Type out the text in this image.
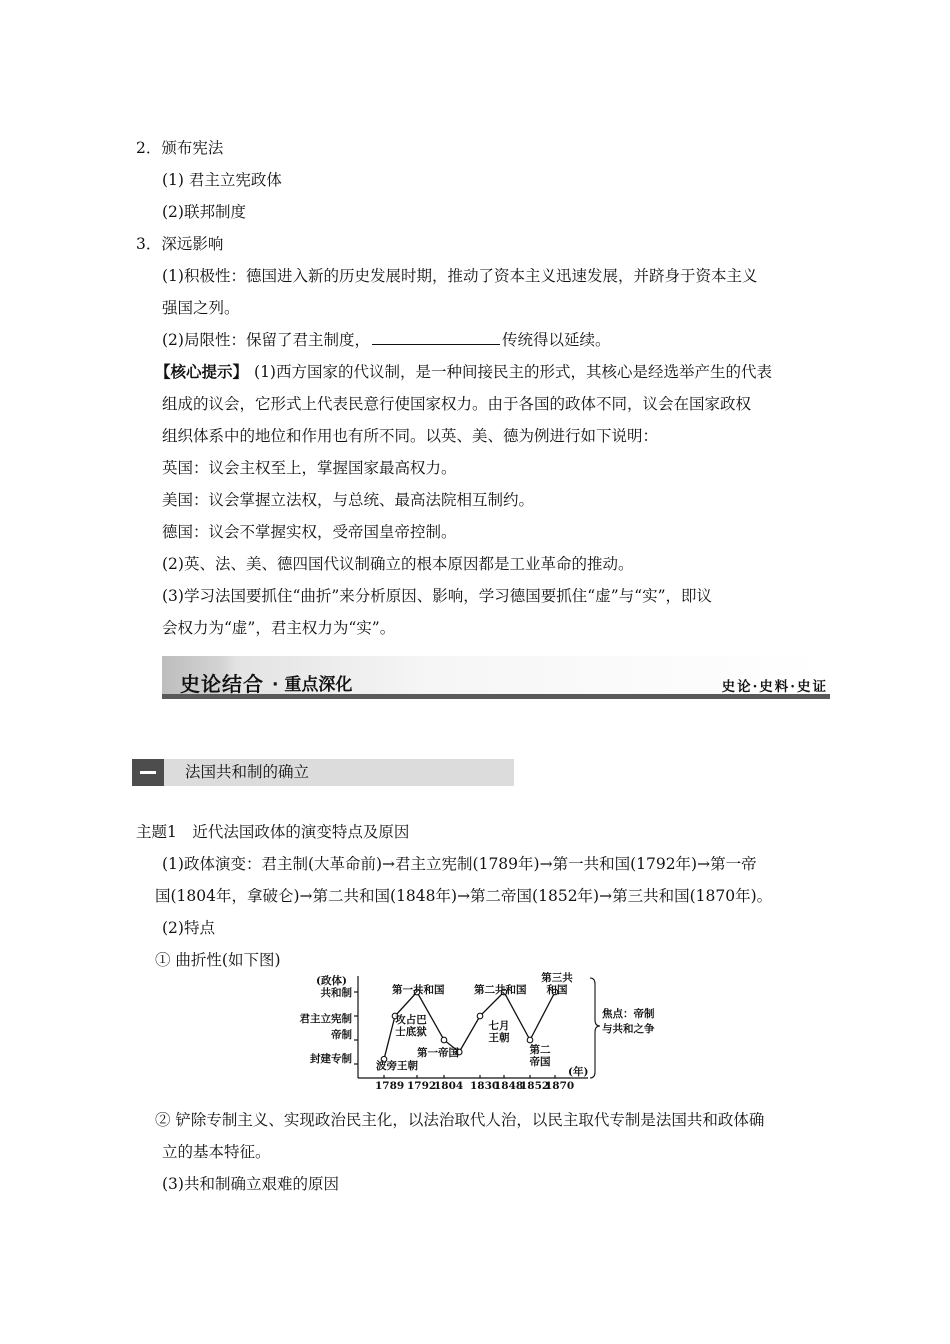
2．颁布宪法
(1) 君主立宪政体
(2)联邦制度
3．深远影响
(1)积极性：德国进入新的历史发展时期，推动了资本主义迅速发展，并跻身于资本主义
强国之列。
(2)局限性：保留了君主制度，	传统得以延续。
【核心提示】 (1)西方国家的代议制，是一种间接民主的形式，其核心是经选举产生的代表
组成的议会，它形式上代表民意行使国家权力。由于各国的政体不同，议会在国家政权
组织体系中的地位和作用也有所不同。以英、美、德为例进行如下说明：
英国：议会主权至上，掌握国家最高权力。
美国：议会掌握立法权，与总统、最高法院相互制约。
德国：议会不掌握实权，受帝国皇帝控制。
(2)英、法、美、德四国代议制确立的根本原因都是工业革命的推动。
(3)学习法国要抓住“曲折”来分析原因、影响，学习德国要抓住“虚”与“实”，即议
会权力为“虚”，君主权力为“实”。
史论结合 · 重点深化	史论·史料·史证
法国共和制的确立
主题1　近代法国政体的演变特点及原因
(1)政体演变：君主制(大革命前)→君主立宪制(1789年)→第一共和国(1792年)→第一帝
国(1804年，拿破仑)→第二共和国(1848年)→第二帝国(1852年)→第三共和国(1870年)。
(2)特点
① 曲折性(如下图)
(政体)
共和制
君主立宪制
帝制
封建专制
1789 1792
1804 1830
1848
1852
1870
(年)
第一共和国	第二共和国
第三共和国
攻占巴士底狱	七月王朝
第一帝国	第二帝国
波旁王朝
焦点：帝制与共和之争
② 铲除专制主义、实现政治民主化，以法治取代人治，以民主取代专制是法国共和政体确
立的基本特征。
(3)共和制确立艰难的原因
